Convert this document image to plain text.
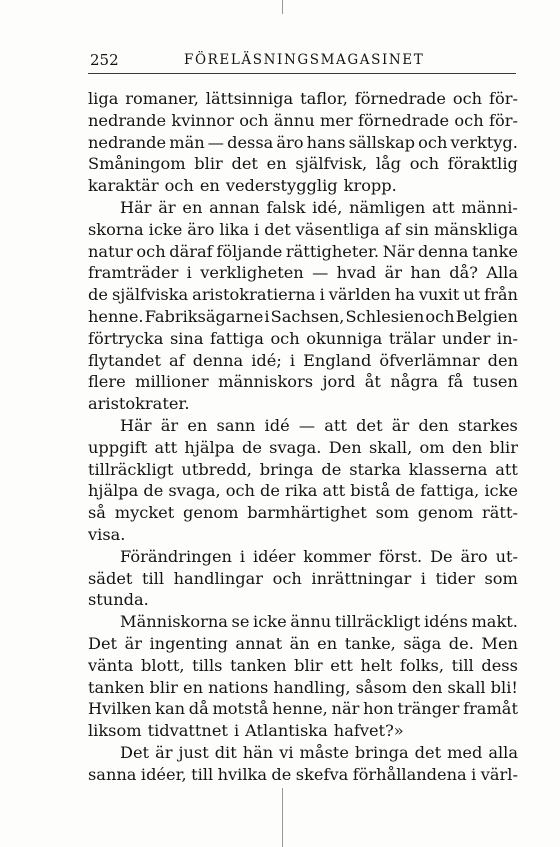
252	FÖRELÄSNINGSMAGASINET
liga romaner, lättsinniga taflor, förnedrade och för-
nedrande kvinnor och ännu mer förnedrade och för-
nedrande män — dessa äro hans sällskap och verktyg.
Småningom blir det en själfvisk, låg och föraktlig
karaktär och en vederstygglig kropp.
Här är en annan falsk idé, nämligen att männi-
skorna icke äro lika i det väsentliga af sin mänskliga
natur och däraf följande rättigheter. När denna tanke
framträder i verkligheten — hvad är han då? Alla
de själfviska aristokratierna i världen ha vuxit ut från
henne. Fabriksägarne i Sachsen, Schlesien och Belgien
förtrycka sina fattiga och okunniga trälar under in-
flytandet af denna idé; i England öfverlämnar den
flere millioner människors jord åt några få tusen
aristokrater.
Här är en sann idé — att det är den starkes
uppgift att hjälpa de svaga. Den skall, om den blir
tillräckligt utbredd, bringa de starka klasserna att
hjälpa de svaga, och de rika att bistå de fattiga, icke
så mycket genom barmhärtighet som genom rätt-
visa.
Förändringen i idéer kommer först. De äro ut-
sädet till handlingar och inrättningar i tider som
stunda.
Människorna se icke ännu tillräckligt idéns makt.
Det är ingenting annat än en tanke, säga de. Men
vänta blott, tills tanken blir ett helt folks, till dess
tanken blir en nations handling, såsom den skall bli!
Hvilken kan då motstå henne, när hon tränger framåt
liksom tidvattnet i Atlantiska hafvet?»
Det är just dit hän vi måste bringa det med alla
sanna idéer, till hvilka de skefva förhållandena i värl-
